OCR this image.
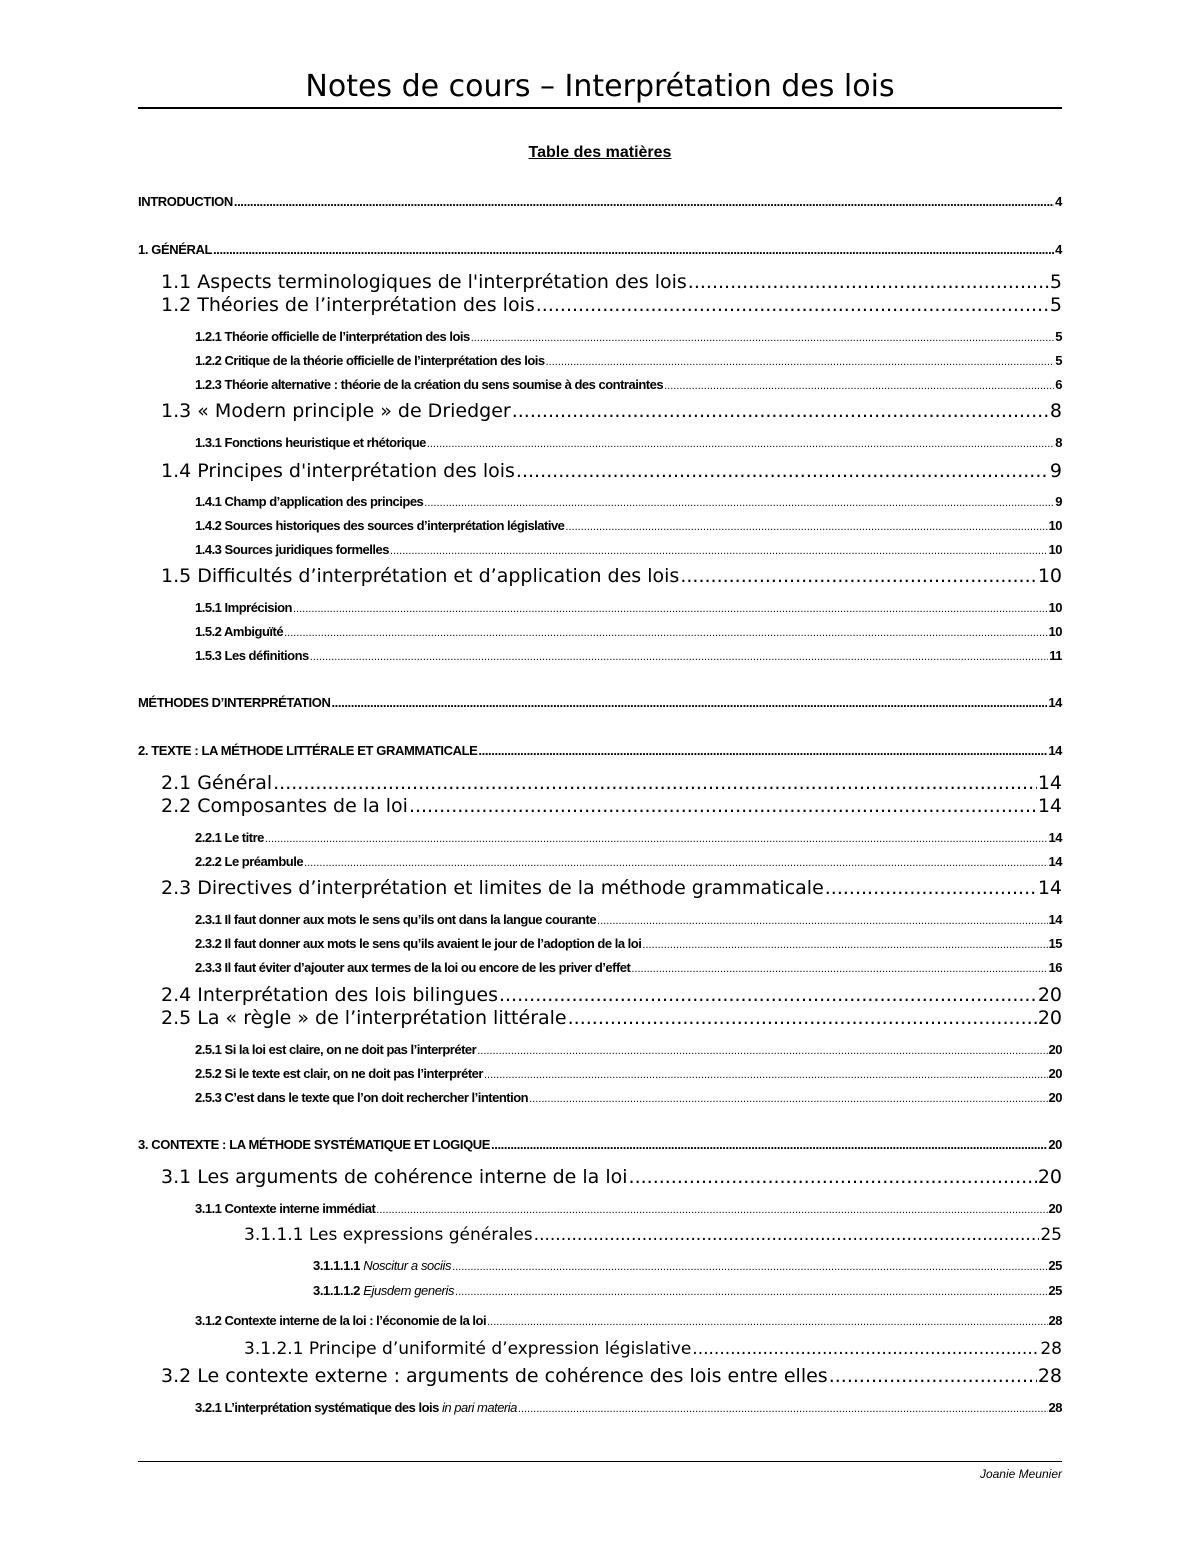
Notes de cours – Interprétation des lois
Table des matières
INTRODUCTION .....	4
1. GÉNÉRAL .....	4
1.1 Aspects terminologiques de l'interprétation des lois .....	5
1.2 Théories de l’interprétation des lois .....	5
1.2.1 Théorie officielle de l’interprétation des lois .....	5
1.2.2 Critique de la théorie officielle de l’interprétation des lois .....	5
1.2.3 Théorie alternative : théorie de la création du sens soumise à des contraintes .....	6
1.3 « Modern principle » de Driedger .....	8
1.3.1 Fonctions heuristique et rhétorique .....	8
1.4 Principes d'interprétation des lois .....	9
1.4.1 Champ d’application des principes .....	9
1.4.2 Sources historiques des sources d’interprétation législative .....	10
1.4.3 Sources juridiques formelles .....	10
1.5 Difficultés d’interprétation et d’application des lois .....	10
1.5.1 Imprécision .....	10
1.5.2 Ambiguïté .....	10
1.5.3 Les définitions .....	11
MÉTHODES D’INTERPRÉTATION .....	14
2. TEXTE : LA MÉTHODE LITTÉRALE ET GRAMMATICALE .....	14
2.1 Général .....	14
2.2 Composantes de la loi .....	14
2.2.1 Le titre .....	14
2.2.2 Le préambule .....	14
2.3 Directives d’interprétation et limites de la méthode grammaticale .....	14
2.3.1 Il faut donner aux mots le sens qu’ils ont dans la langue courante .....	14
2.3.2 Il faut donner aux mots le sens qu’ils avaient le jour de l’adoption de la loi .....	15
2.3.3 Il faut éviter d’ajouter aux termes de la loi ou encore de les priver d’effet .....	16
2.4 Interprétation des lois bilingues .....	20
2.5 La « règle » de l’interprétation littérale .....	20
2.5.1 Si la loi est claire, on ne doit pas l’interpréter .....	20
2.5.2 Si le texte est clair, on ne doit pas l’interpréter .....	20
2.5.3 C’est dans le texte que l’on doit rechercher l’intention .....	20
3. CONTEXTE : LA MÉTHODE SYSTÉMATIQUE ET LOGIQUE .....	20
3.1 Les arguments de cohérence interne de la loi .....	20
3.1.1 Contexte interne immédiat .....	20
3.1.1.1 Les expressions générales .....	25
3.1.1.1.1 Noscitur a sociis .....	25
3.1.1.1.2 Ejusdem generis .....	25
3.1.2 Contexte interne de la loi : l’économie de la loi .....	28
3.1.2.1 Principe d’uniformité d’expression législative .....	28
3.2 Le contexte externe : arguments de cohérence des lois entre elles .....	28
3.2.1 L’interprétation systématique des lois in pari materia .....	28
Joanie Meunier
